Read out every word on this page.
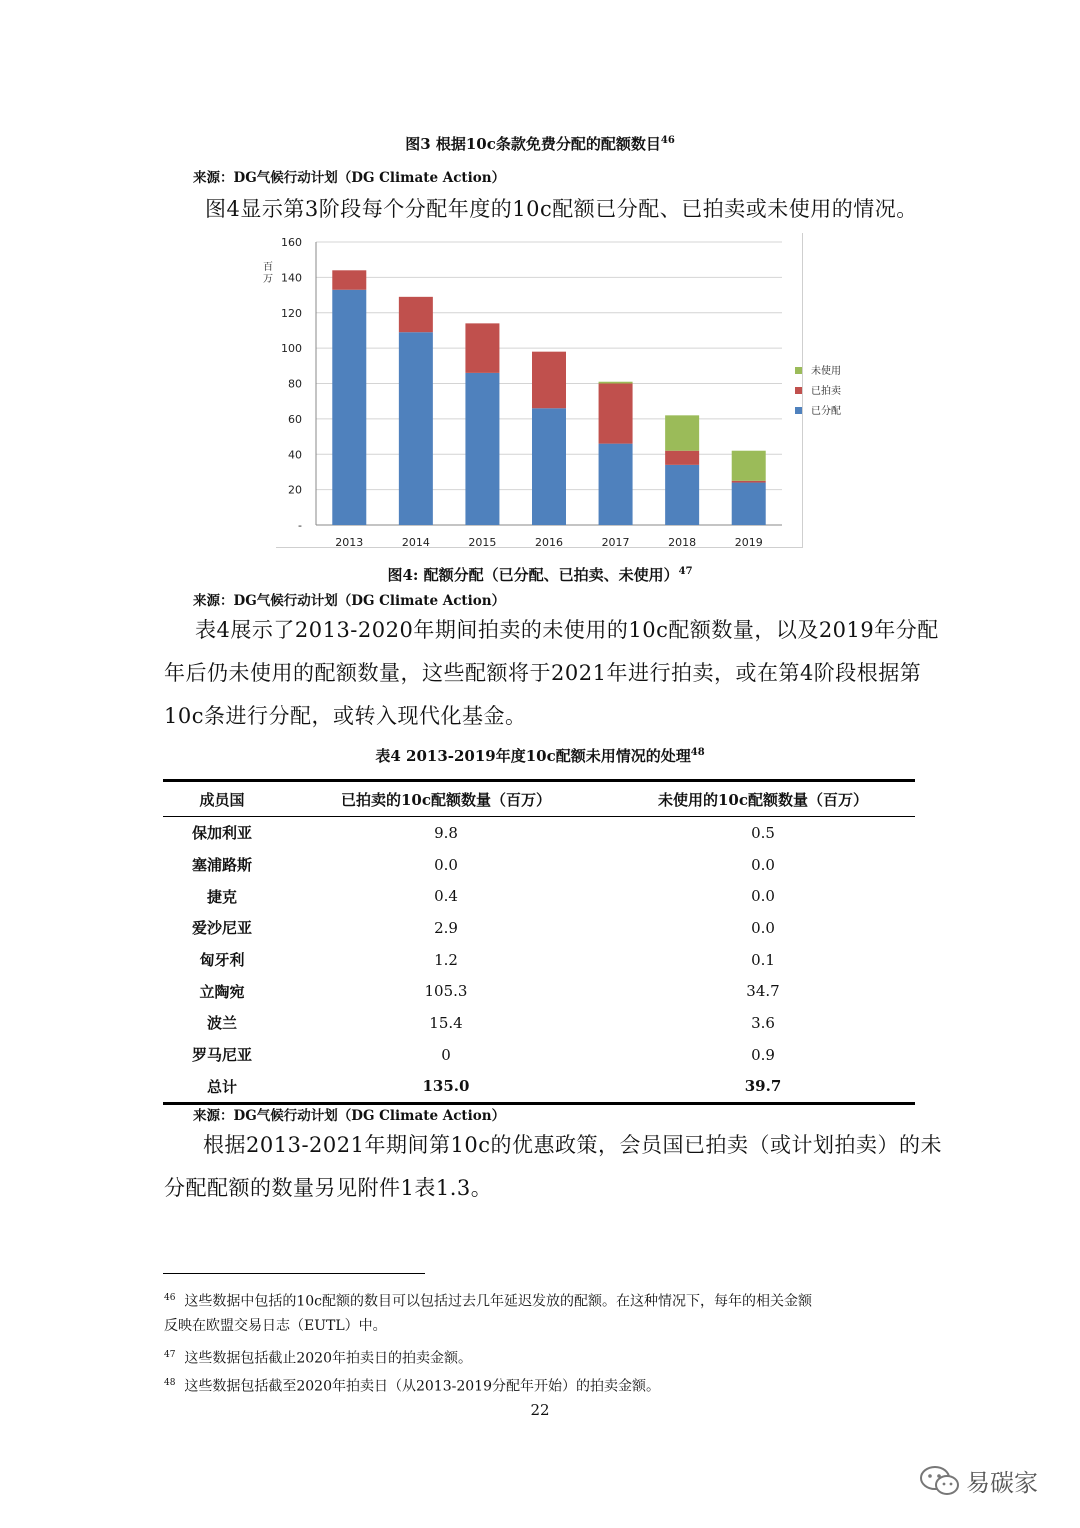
图3 根据10c条款免费分配的配额数目$^{46}$
来源：DG气候行动计划（DG Climate Action）
图4显示第3阶段每个分配年度的10c配额已分配、已拍卖或未使用的情况。
-
20
40
60
80
100
120
140
160
百
万
2013	2014	2015	2016	2017	2018	2019
未使用
已拍卖
已分配
图4: 配额分配（已分配、已拍卖、未使用）$^{47}$
来源：DG气候行动计划（DG Climate Action）
表4展示了2013-2020年期间拍卖的未使用的10c配额数量，以及2019年分配
年后仍未使用的配额数量，这些配额将于2021年进行拍卖，或在第4阶段根据第
10c条进行分配，或转入现代化基金。
表4 2013-2019年度10c配额未用情况的处理$^{48}$
成员国	已拍卖的10c配额数量（百万）	未使用的10c配额数量（百万）
保加利亚	9.8	0.5
塞浦路斯	0.0	0.0
捷克	0.4	0.0
爱沙尼亚	2.9	0.0
匈牙利	1.2	0.1
立陶宛	105.3	34.7
波兰	15.4	3.6
罗马尼亚	0	0.9
总计	135.0	39.7
来源：DG气候行动计划（DG Climate Action）
根据2013-2021年期间第10c的优惠政策，会员国已拍卖（或计划拍卖）的未
分配配额的数量另见附件1表1.3。
$^{46}$ 这些数据中包括的10c配额的数目可以包括过去几年延迟发放的配额。在这种情况下，每年的相关金额
反映在欧盟交易日志（EUTL）中。
$^{47}$ 这些数据包括截止2020年拍卖日的拍卖金额。
$^{48}$ 这些数据包括截至2020年拍卖日（从2013-2019分配年开始）的拍卖金额。
22
易碳家
